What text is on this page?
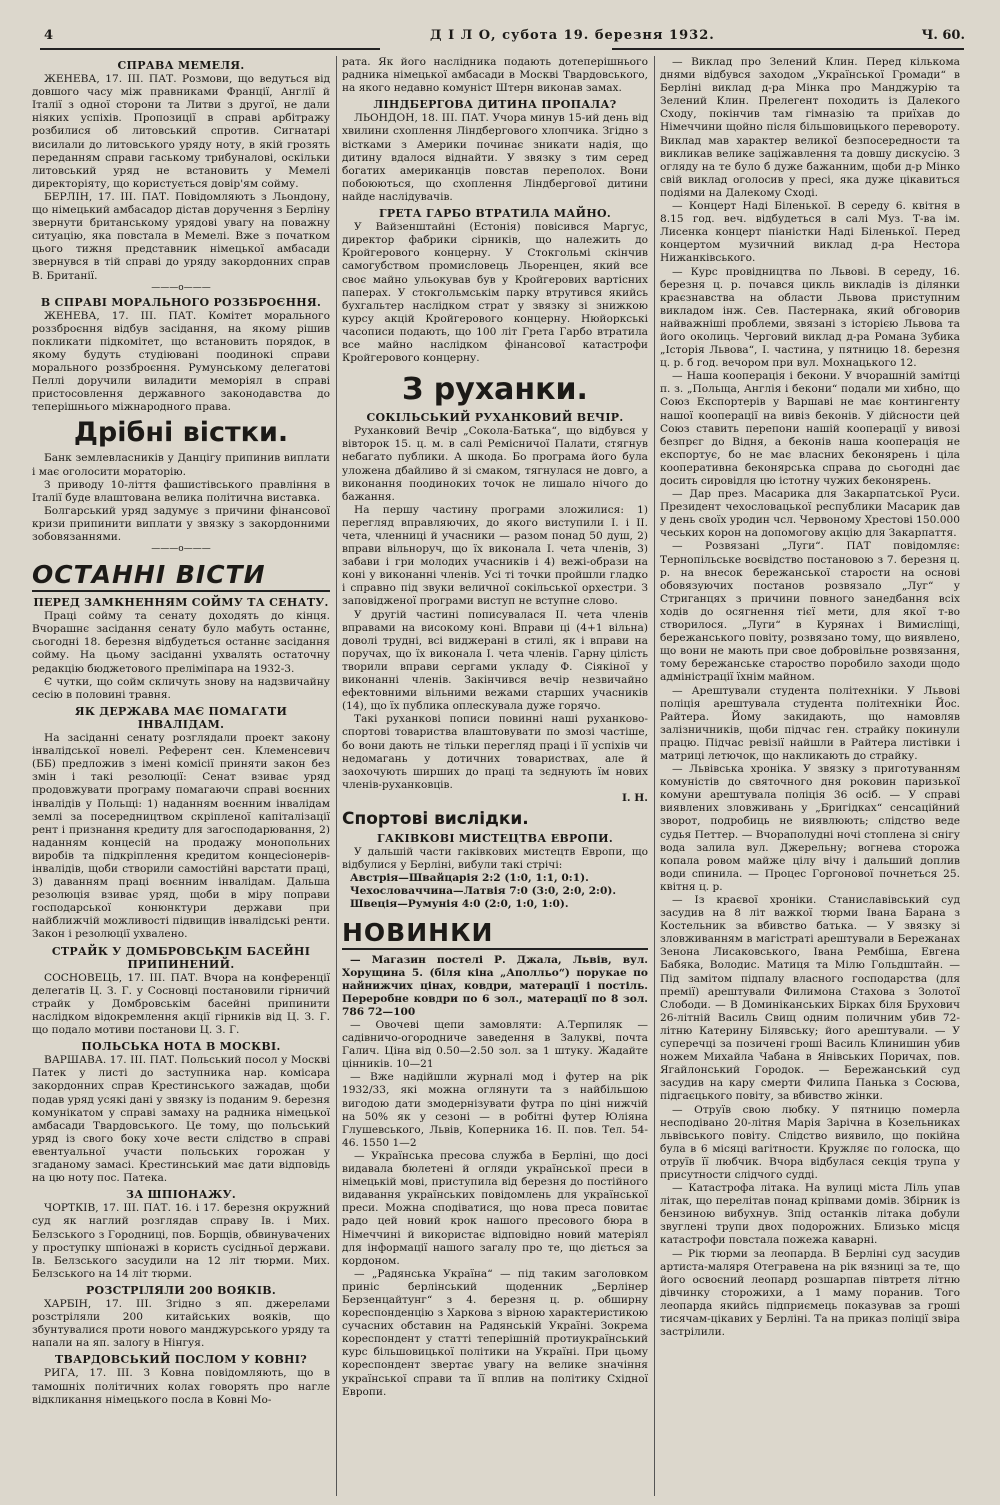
4	Д І Л О, субота 19. березня 1932.	Ч. 60.
СПРАВА МЕМЕЛЯ.

ЖЕНЕВА, 17. III. ПАТ. Розмови, що ведуться від довшого часу між правниками Франції, Англії й Італії з одної сторони та Литви з другої, не дали ніяких успіхів. Пропозиції в справі арбітражу розбилися об литовський спротив. Сигнатарі висилали до литовського уряду ноту, в якій грозять переданням справи гаському трибуналові, оскільки литовський уряд не встановить у Мемелі директоріяту, що користується довір'ям сойму.

БЕРЛІН, 17. III. ПАТ. Повідомляють з Льондону, що німецький амбасадор дістав доручення з Берліну звернути британському урядові увагу на поважну ситуацію, яка повстала в Мемелі. Вже з початком цього тижня представник німецької амбасади звернувся в тій справі до уряду закордонних справ В. Британії.

———o———
В СПРАВІ МОРАЛЬНОГО РОЗЗБРОЄННЯ.

ЖЕНЕВА, 17. III. ПАТ. Комітет морального роззброєння відбув засідання, на якому рішив покликати підкомітет, що встановить порядок, в якому будуть студіювані поодинокі справи морального роззброєння. Румунському делегатові Пеллі доручили виладити меморіял в справі пристосовлення державного законодавства до теперішнього міжнародного права.

Дрібні вістки.

Банк землевласників у Данцігу припинив виплати і має оголосити мораторію.

З приводу 10-ліття фашистівського правління в Італії буде влаштована велика політична виставка.

Болгарський уряд задумує з причини фінансової кризи припинити виплати у звязку з закордонними зобовязаннями.

———o———
ОСТАННІ ВІСТИ
ПЕРЕД ЗАМКНЕННЯМ СОЙМУ ТА СЕНАТУ.

Праці сойму та сенату доходять до кінця. Вчорашнє засідання сенату було мабуть останнє, сьогодні 18. березня відбудеться останнє засідання сойму. На цьому засіданні ухвалять остаточну редакцію бюджетового преліміпара на 1932-3.

Є чутки, що сойм скличуть знову на надзвичайну сесію в половині травня.

ЯК ДЕРЖАВА МАЄ ПОМАГАТИ ІНВАЛІДАМ.

На засіданні сенату розглядали проект закону інвалідської новелі. Референт сен. Клеменсевич (ББ) предложив з імені комісії приняти закон без змін і такі резолюції: Сенат взиває уряд продовжувати програму помагаючи справі воєнних інвалідів у Польщі: 1) наданням воєнним інвалідам землі за посередництвом скріпленої капіталізації рент і признання кредиту для загосподарювання, 2) наданням концесій на продажу монопольних виробів та підкріплення кредитом концесіонерів-інвалідів, щоби створили самостійні варстати праці, 3) даванням праці воєнним інвалідам. Дальша резолюція взиває уряд, щоби в міру поправи господарської конюнктури держави при найближчій можливості підвищив інвалідські ренти. Закон і резолюції ухвалено.

СТРАЙК У ДОМБРОВСЬКІМ БАСЕЙНІ ПРИПИНЕНИЙ.

СОСНОВЕЦЬ, 17. III. ПАТ. Вчора на конференції делегатів Ц. З. Г. у Сосновці постановили гірничий страйк у Домбровськім басейні припинити наслідком відокремлення акції гірників від Ц. З. Г. що подало мотиви постанови Ц. З. Г.

ПОЛЬСЬКА НОТА В МОСКВІ.

ВАРШАВА. 17. III. ПАТ. Польський посол у Москві Патек у листі до заступника нар. комісара закордонних справ Крестинського зажадав, щоби подав уряд усякі дані у звязку із поданим 9. березня комунікатом у справі замаху на радника німецької амбасади Твардовського. Це тому, що польський уряд із свого боку хоче вести слідство в справі евентуальної участи польських горожан у згаданому замасі. Крестинський має дати відповідь на цю ноту пос. Патека.

ЗА ШПІОНАЖУ.

ЧОРТКІВ, 17. III. ПАТ. 16. і 17. березня окружний суд як наглий розглядав справу Ів. і Мих. Белзського з Городниці, пов. Борщів, обвинувачених у проступку шпіонажі в користь сусідньої держави. Ів. Белзського засудили на 12 літ тюрми. Мих. Белзського на 14 літ тюрми.

РОЗСТРІЛЯЛИ 200 ВОЯКІВ.

ХАРБІН, 17. III. Згідно з яп. джерелами розстріляли 200 китайських вояків, що збунтувалися проти нового манджурського уряду та напали на яп. залогу в Нінгуя.

ТВАРДОВСЬКИЙ ПОСЛОМ У КОВНІ?

РИГА, 17. III. З Ковна повідомляють, що в тамошніх політичних колах говорять про нагле відкликання німецького посла в Ковні Мо-

рата. Як його наслідника подають дотеперішнього радника німецької амбасади в Москві Твардовського, на якого недавно комуніст Штерн виконав замах.

ЛІНДБЕРГОВА ДИТИНА ПРОПАЛА?

ЛЬОНДОН, 18. III. ПАТ. Учора минув 15-ий день від хвилини схоплення Ліндбергового хлопчика. Згідно з вістками з Америки починає зникати надія, що дитину вдалося віднайти. У звязку з тим серед богатих американців повстав переполох. Вони побоюються, що схоплення Ліндбергової дитини найде наслідувачів.

ГРЕТА ГАРБО ВТРАТИЛА МАЙНО.

У Вайзенштайні (Естонія) повісився Маргус, директор фабрики сірників, що належить до Кройгерового концерну. У Стокгольмі скінчив самогубством промисловець Льоренцен, який все своє майно ульокував був у Кройгерових вартісних паперах. У стокгольмськім парку втрутився якийсь бухгальтер наслідком страт у звязку зі знижкою курсу акцій Кройгерового концерну. Нюйоркські часописи подають, що 100 літ Грета Гарбо втратила все майно наслідком фінансової катастрофи Кройгерового концерну.

З руханки.
СОКІЛЬСЬКИЙ РУХАНКОВИЙ ВЕЧІР.

Руханковий Вечір „Сокола-Батька“, що відбувся у вівторок 15. ц. м. в салі Ремісничої Палати, стягнув небагато публики. А шкода. Бо програма його була уложена дбайливо й зі смаком, тягнулася не довго, а виконання поодиноких точок не лишало нічого до бажання.

На першу частину програми зложилися: 1) перегляд вправляючих, до якого виступили І. і ІІ. чета, членниці й учасники — разом понад 50 душ, 2) вправи вільноруч, що їх виконала І. чета членів, 3) забави і гри молодих учасників і 4) вежі-образи на коні у виконанні членів. Усі ті точки пройшли гладко і справно під звуки величної сокільської орхестри. З заповідженої програми виступ не вступне слово.

У другій частині пописувалася ІІ. чета членів вправами на високому коні. Вправи ці (4+1 вільна) доволі трудні, всі виджерані в стилі, як і вправи на поручах, що їх виконала І. чета членів. Гарну цілість творили вправи сергами укладу Ф. Сіякіної у виконанні членів. Закінчився вечір незвичайно ефектовними вільними вежами старших учасників (14), що їх публика оплескувала дуже горячо.

Такі руханкові пописи повинні наші руханково-спортові товариства влаштовувати по змозі частіше, бо вони дають не тільки перегляд праці і її успіхів чи недомагань у дотичних товариствах, але й заохочують ширших до праці та зєднують їм нових членів-руханковців.

І. Н.
Спортові вислідки.
ГАКІВКОВІ МИСТЕЦТВА ЕВРОПИ.

У дальшій части гаківкових мистецтв Европи, що відбулися у Берліні, вибули такі стрічі:

Австрія—Швайцарія 2:2 (1:0, 1:1, 0:1).
Чехословаччина—Латвія 7:0 (3:0, 2:0, 2:0).
Швеція—Румунія 4:0 (2:0, 1:0, 1:0).
НОВИНКИ

— Магазин постелі Р. Джала, Львів, вул. Хорущина 5. (біля кіна „Аполльо“) порукае по найнижчих цінах, ковдри, матерації і постіль. Переробне ковдри по 6 зол., матерації по 8 зол. 786 72—100

— Овочеві щепи замовляти: А.Терпиляк — садівничо-огородниче заведення в Залукві, почта Галич. Ціна від 0.50—2.50 зол. за 1 штуку. Жадайте цінників. 10—21

— Вже надійшли журналі мод і футер на рік 1932/33, які можна оглянути та з найбільшою вигодою дати змодернізувати футра по ціні нижчій на 50% як у сезоні — в робітні футер Юліяна Глушевського, Львів, Коперника 16. II. пов. Тел. 54-46. 1550 1—2

— Українська пресова служба в Берліні, що досі видавала бюлетені й огляди української преси в німецькій мові, приступила від березня до постійного видавання українських повідомлень для української преси. Можна сподіватися, що нова преса повитає радо цей новий крок нашого пресового бюра в Німеччині й використає відповідно новий матеріял для інформації нашого загалу про те, що діється за кордоном.

— „Радянська Україна“ — під таким заголовком приніс берлінський щоденник „Берлінер Берзенцайтунг“ з 4. березня ц. р. обширну кореспонденцію з Харкова з вірною характеристикою сучасних обставин на Радянській Україні. Зокрема кореспондент у статті теперішній протиукраїнський курс більшовицької політики на Україні. При цьому кореспондент звертає увагу на велике значіння української справи та її вплив на політику Східної Европи.

— Виклад про Зелений Клин. Перед кількома днями відбувся заходом „Української Громади“ в Берліні виклад д-ра Мінка про Манджурію та Зелений Клин. Прелегент походить із Далекого Сходу, покінчив там гімназію та приїхав до Німеччини щойно після більшовицького перевороту. Виклад мав характер великої безпосередности та викликав велике заціжавлення та довшу дискусію. З огляду на те було б дуже бажанним, щоби д-р Мінко свій виклад оголосив у пресі, яка дуже цікавиться подіями на Далекому Сході.

— Концерт Наді Біленької. В середу 6. квітня в 8.15 год. веч. відбудеться в салі Муз. Т-ва ім. Лисенка концерт піаністки Наді Біленької. Перед концертом музичний виклад д-ра Нестора Нижанківського.

— Курс провідництва по Львові. В середу, 16. березня ц. р. почався цикль викладів із ділянки краєзнавства на области Львова приступним викладом інж. Сев. Пастернака, який обговорив найважніші проблеми, звязані з історією Львова та його околиць. Черговий виклад д-ра Романа Зубика „Історія Львова“, І. частина, у пятницю 18. березня ц. р. б год. вечором при вул. Мохнацького 12.

— Наша кооперація і бекони. У вчорашній замітці п. з. „Польща, Англія і бекони“ подали ми хибно, що Союз Експортерів у Варшаві не має контингенту нашої кооперації на вивіз беконів. У дійсности цей Союз ставить перепони нашій кооперації у вивозі безпрєг до Відня, а беконів наша кооперація не експортує, бо не має власних беконярень і ціла кооперативна беконярська справа до сьогодні дає досить сировідля цю істотну чужих беконярень.

— Дар през. Масарика для Закарпатської Руси. Президент чехословацької республики Масарик дав у день своїх уродин чсл. Червоному Хрестові 150.000 чеських корон на допомогову акцію для Закарпаття.

— Розвязані „Луги“. ПАТ повідомляє: Тернопільське воєвідство постановою з 7. березня ц. р. на внесок бережанської старости на основі обовязуючих постанов розвязало „Луг“ у Стриганцях з причини повного занедбання всіх ходів до осягнення тієї мети, для якої т-во створилося. „Луги“ в Курянах і Вимисліщі, бережанського повіту, розвязано тому, що виявлено, що вони не мають при свое добровільне розвязання, тому бережанське староство поробило заходи щодо адміністрації їхнім майном.

— Арештували студента політехніки. У Львові поліція арештувала студента політехніки Йос. Райтера. Йому закидають, що намовляв залізничників, щоби підчас ген. страйку покинули працю. Підчас ревізії найшли в Райтера листівки і матриці летючок, що накликають до страйку.

— Львівська хроніка. У звязку з приготуванням комуністів до святочного дня роковин паризької комуни арештувала поліція 36 осіб. — У справі виявлених зловживань у „Бригідках“ сенсаційний зворот, подробиць не виявлюють; слідство веде судья Петтер. — Вчораполудні ночі стоплена зі снігу вода залила вул. Джерельну; вогнева сторожа копала ровом майже цілу вічу і дальший доплив води спинила. — Процес Горгонової почнеться 25. квітня ц. р.

— Із краєвої хроніки. Станиславівський суд засудив на 8 літ важкої тюрми Івана Барана з Костельник за вбивство батька. — У звязку зі зловживанням в магістраті арештували в Бережанах Зенона Лисаковського, Івана Рембіша, Евгена Бабяка, Володис. Матиця та Мілю Гольдштайн. — Під замітом підпалу власного господарства (для премії) арештували Филимона Стахова з Золотої Слободи. — В Доминіканських Бірках біля Брухович 26-літній Василь Свищ одним поличним убив 72-літню Катерину Білявську; його арештували. — У суперечці за позичені гроші Василь Клинишин убив ножем Михайла Чабана в Янівських Поричах, пов. Ягайлонський Городок. — Бережанський суд засудив на кару смерти Филипа Панька з Сосюва, підгаєцького повіту, за вбивство жінки.

— Отруїв свою любку. У пятницю померла несподівано 20-літня Марія Зарічна в Козельниках львівського повіту. Слідство виявило, що покійна була в 6 місяці вагітности. Кружляє по голоска, що отруїв її любчик. Вчора відбулася секція трупа у присутности слідчого судді.

— Катастрофа літака. На вулиці міста Ліль упав літак, що перелітав понад кріпвами домів. Збірник із бензиною вибухнув. Зпід останків літака добули звуглені трупи двох подорожних. Близько місця катастрофи повстала пожежа каварні.

— Рік тюрми за леопарда. В Берліні суд засудив артиста-маляря Отегравена на рік вязниці за те, що його освоєний леопард розшарпав півтретя літню дівчинку сторожихи, а 1 маму поранив. Того леопарда якийсь підприємець показував за гроші тисячам-цікавих у Берліні. Та на приказ поліції звіра застрілили.
